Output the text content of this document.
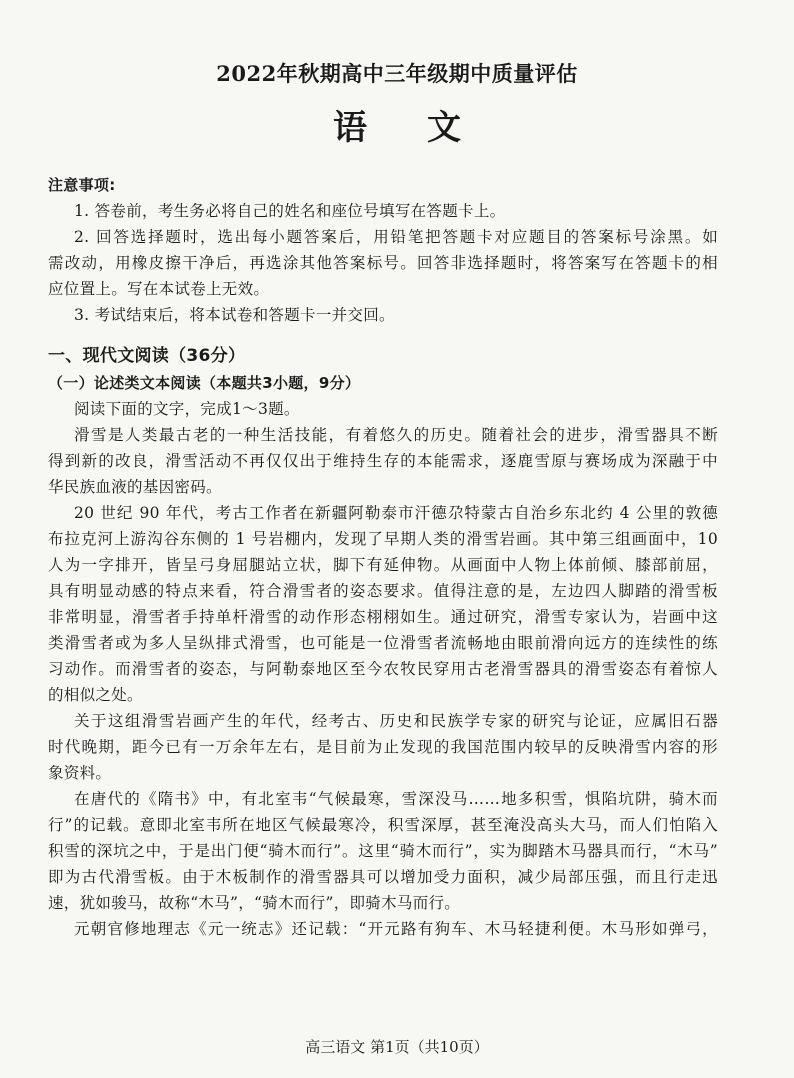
2022年秋期高中三年级期中质量评估
语文
注意事项:
1. 答卷前，考生务必将自己的姓名和座位号填写在答题卡上。
2. 回答选择题时，选出每小题答案后，用铅笔把答题卡对应题目的答案标号涂黑。如
需改动，用橡皮擦干净后，再选涂其他答案标号。回答非选择题时，将答案写在答题卡的相
应位置上。写在本试卷上无效。
3. 考试结束后，将本试卷和答题卡一并交回。
一、现代文阅读（36分）
（一）论述类文本阅读（本题共3小题，9分）
阅读下面的文字，完成1～3题。
滑雪是人类最古老的一种生活技能，有着悠久的历史。随着社会的进步，滑雪器具不断
得到新的改良，滑雪活动不再仅仅出于维持生存的本能需求，逐鹿雪原与赛场成为深融于中
华民族血液的基因密码。
20 世纪 90 年代，考古工作者在新疆阿勒泰市汗德尕特蒙古自治乡东北约 4 公里的敦德
布拉克河上游沟谷东侧的 1 号岩棚内，发现了早期人类的滑雪岩画。其中第三组画面中，10
人为一字排开，皆呈弓身屈腿站立状，脚下有延伸物。从画面中人物上体前倾、膝部前屈，
具有明显动感的特点来看，符合滑雪者的姿态要求。值得注意的是，左边四人脚踏的滑雪板
非常明显，滑雪者手持单杆滑雪的动作形态栩栩如生。通过研究，滑雪专家认为，岩画中这
类滑雪者或为多人呈纵排式滑雪，也可能是一位滑雪者流畅地由眼前滑向远方的连续性的练
习动作。而滑雪者的姿态，与阿勒泰地区至今农牧民穿用古老滑雪器具的滑雪姿态有着惊人
的相似之处。
关于这组滑雪岩画产生的年代，经考古、历史和民族学专家的研究与论证，应属旧石器
时代晚期，距今已有一万余年左右，是目前为止发现的我国范围内较早的反映滑雪内容的形
象资料。
在唐代的《隋书》中，有北室韦“气候最寒，雪深没马……地多积雪，惧陷坑阱，骑木而
行”的记载。意即北室韦所在地区气候最寒冷，积雪深厚，甚至淹没高头大马，而人们怕陷入
积雪的深坑之中，于是出门便“骑木而行”。这里“骑木而行”，实为脚踏木马器具而行，“木马”
即为古代滑雪板。由于木板制作的滑雪器具可以增加受力面积，减少局部压强，而且行走迅
速，犹如骏马，故称“木马”，“骑木而行”，即骑木马而行。
元朝官修地理志《元一统志》还记载：“开元路有狗车、木马轻捷利便。木马形如弹弓，
高三语文 第1页（共10页）
